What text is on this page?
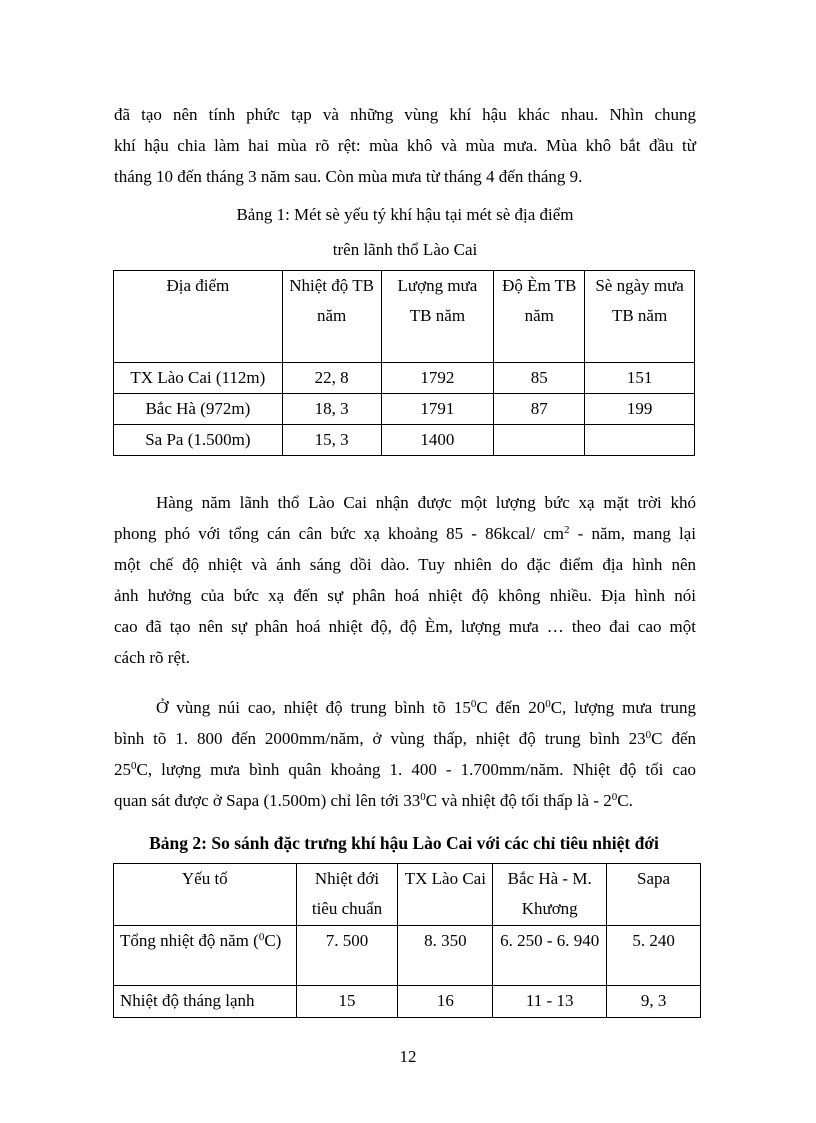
đã tạo nên tính phức tạp và những vùng khí hậu khác nhau. Nhìn chung
khí hậu chia làm hai mùa rõ rệt: mùa khô và mùa mưa. Mùa khô bắt đầu từ
tháng 10 đến tháng 3 năm sau. Còn mùa mưa từ tháng 4 đến tháng 9.

Bảng 1: Mét sè yếu tý khí hậu tại mét sè địa điểm

trên lãnh thổ Lào Cai

Địa điểm	Nhiệt độ TB năm	Lượng mưa TB năm	Độ Èm TB năm	Sè ngày mưa TB năm
TX Lào Cai (112m)	22, 8	1792	85	151
Bắc Hà (972m)	18, 3	1791	87	199
Sa Pa (1.500m)	15, 3	1400		
Hàng năm lãnh thổ Lào Cai nhận được một lượng bức xạ mặt trời khó
phong phó với tổng cán cân bức xạ khoảng 85 - 86kcal/ $cm^2$ - năm, mang lại
một chế độ nhiệt và ánh sáng dồi dào. Tuy nhiên do đặc điểm địa hình nên
ảnh hưởng của bức xạ đến sự phân hoá nhiệt độ không nhiều. Địa hình nói
cao đã tạo nên sự phân hoá nhiệt độ, độ Èm, lượng mưa … theo đai cao một
cách rõ rệt.
Ở vùng núi cao, nhiệt độ trung bình tõ $15^0C$ đến $20^0C$, lượng mưa trung
bình tõ 1. 800 đến 2000mm/năm, ở vùng thấp, nhiệt độ trung bình $23^0C$ đến
$25^0C$, lượng mưa bình quân khoảng 1. 400 - 1.700mm/năm. Nhiệt độ tối cao
quan sát được ở Sapa (1.500m) chỉ lên tới $33^0C$ và nhiệt độ tối thấp là - $2^0C$.

Bảng 2: So sánh đặc trưng khí hậu Lào Cai với các chỉ tiêu nhiệt đới

Yếu tố	Nhiệt đới tiêu chuẩn	TX Lào Cai	Bắc Hà - M. Khương	Sapa
Tổng nhiệt độ năm ($^0$C)	7. 500	8. 350	6. 250 - 6. 940	5. 240
Nhiệt độ tháng lạnh	15	16	11 - 13	9, 3
12
